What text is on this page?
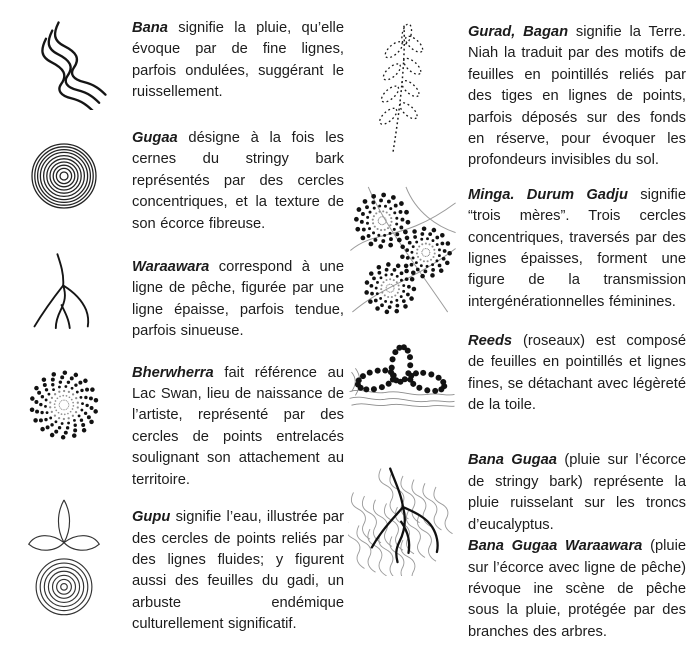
Bana signifie la pluie, qu’elle évoque par de fine lignes, parfois ondulées, suggérant le ruissellement.

Gugaa désigne à la fois les cernes du stringy bark représentés par des cercles concentriques, et la texture de son écorce fibreuse.

Waraawara correspond à une ligne de pêche, figurée par une ligne épaisse, parfois tendue, parfois sinueuse.

Bherwherra fait référence au Lac Swan, lieu de naissance de l’artiste, représenté par des cercles de points entrelacés soulignant son attachement au territoire.

Gupu signifie l’eau, illustrée par des cercles de points reliés par des lignes fluides; y figurent aussi des feuilles du gadi, un arbuste endémique culturellement significatif.

Gurad, Bagan signifie la Terre. Niah la traduit par des motifs de feuilles en pointillés reliés par des tiges en lignes de points, parfois déposés sur des fonds en réserve, pour évoquer les profondeurs invisibles du sol.

Minga. Durum Gadju signifie “trois mères”. Trois cercles concentriques, traversés par des lignes épaisses, forment une figure de la transmission intergénérationnelles féminines.

Reeds (roseaux) est composé de feuilles en pointillés et lignes fines, se détachant avec légèreté de la toile.

Bana Gugaa (pluie sur l’écorce de stringy bark) représente la pluie ruisselant sur les troncs d’eucalyptus.

Bana Gugaa Waraawara (pluie sur l’écorce avec ligne de pêche) révoque ine scène de pêche sous la pluie, protégée par des branches des arbres.
